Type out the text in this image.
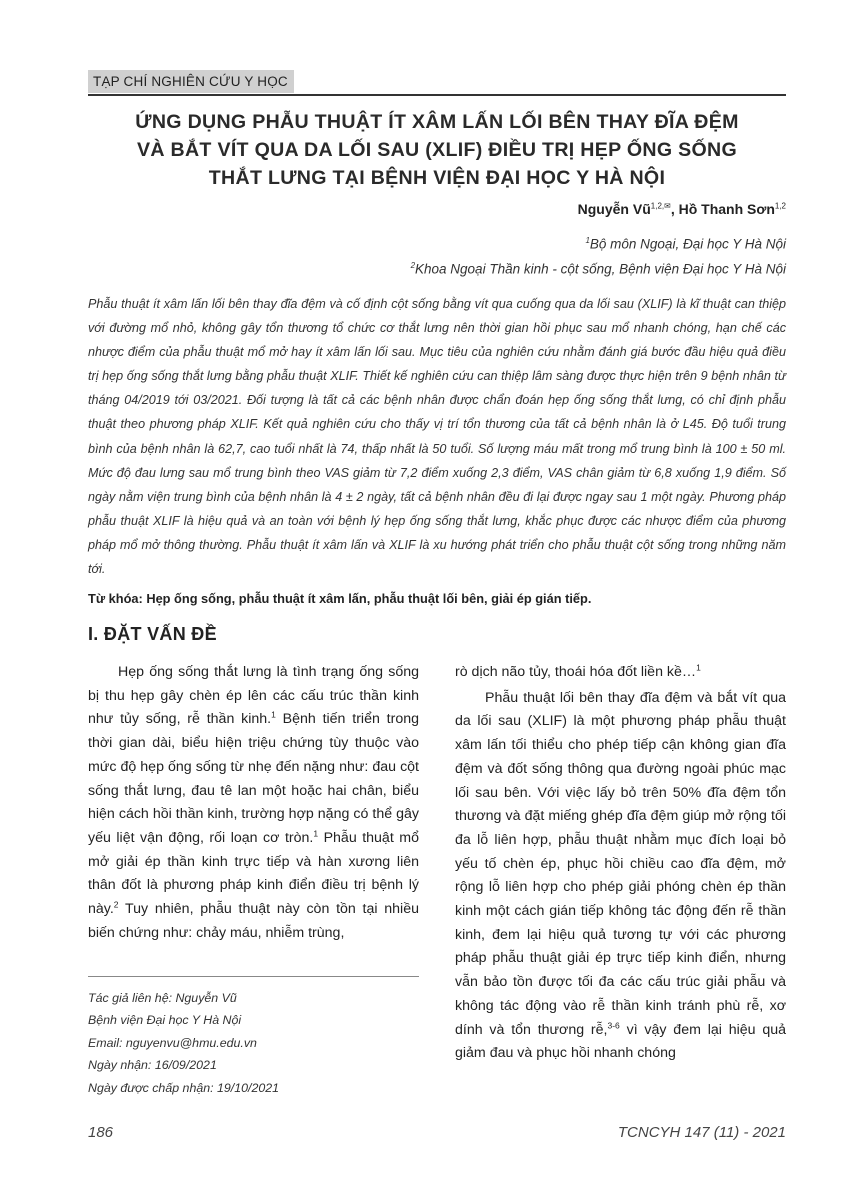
TẠP CHÍ NGHIÊN CỨU Y HỌC
ỨNG DỤNG PHẪU THUẬT ÍT XÂM LẤN LỐI BÊN THAY ĐĨA ĐỆM
VÀ BẮT VÍT QUA DA LỐI SAU (XLIF) ĐIỀU TRỊ HẸP ỐNG SỐNG
THẮT LƯNG TẠI BỆNH VIỆN ĐẠI HỌC Y HÀ NỘI
Nguyễn $Vũ^{1,2,✉}$, Hồ Thanh Sơn$^{1,2}$
$^1$Bộ môn Ngoại, Đại học Y Hà Nội
$^2$Khoa Ngoại Thần kinh - cột sống, Bệnh viện Đại học Y Hà Nội
Phẫu thuật ít xâm lấn lối bên thay đĩa đệm và cố định cột sống bằng vít qua cuống qua da lối sau (XLIF) là kĩ thuật can thiệp với đường mổ nhỏ, không gây tổn thương tổ chức cơ thắt lưng nên thời gian hồi phục sau mổ nhanh chóng, hạn chế các nhược điểm của phẫu thuật mổ mở hay ít xâm lấn lối sau. Mục tiêu của nghiên cứu nhằm đánh giá bước đầu hiệu quả điều trị hẹp ống sống thắt lưng bằng phẫu thuật XLIF. Thiết kế nghiên cứu can thiệp lâm sàng được thực hiện trên 9 bệnh nhân từ tháng 04/2019 tới 03/2021. Đối tượng là tất cả các bệnh nhân được chẩn đoán hẹp ống sống thắt lưng, có chỉ định phẫu thuật theo phương pháp XLIF. Kết quả nghiên cứu cho thấy vị trí tổn thương của tất cả bệnh nhân là ở L45. Độ tuổi trung bình của bệnh nhân là 62,7, cao tuổi nhất là 74, thấp nhất là 50 tuổi. Số lượng máu mất trong mổ trung bình là 100 ± 50 ml. Mức độ đau lưng sau mổ trung bình theo VAS giảm từ 7,2 điểm xuống 2,3 điểm, VAS chân giảm từ 6,8 xuống 1,9 điểm. Số ngày nằm viện trung bình của bệnh nhân là 4 ± 2 ngày, tất cả bệnh nhân đều đi lại được ngay sau 1 một ngày. Phương pháp phẫu thuật XLIF là hiệu quả và an toàn với bệnh lý hẹp ống sống thắt lưng, khắc phục được các nhược điểm của phương pháp mổ mở thông thường. Phẫu thuật ít xâm lấn và XLIF là xu hướng phát triển cho phẫu thuật cột sống trong những năm tới.
Từ khóa: Hẹp ống sống, phẫu thuật ít xâm lấn, phẫu thuật lối bên, giải ép gián tiếp.
I. ĐẶT VẤN ĐỀ

Hẹp ống sống thắt lưng là tình trạng ống sống bị thu hẹp gây chèn ép lên các cấu trúc thần kinh như tủy sống, rễ thần kinh.$^1$ Bệnh tiến triển trong thời gian dài, biểu hiện triệu chứng tùy thuộc vào mức độ hẹp ống sống từ nhẹ đến nặng như: đau cột sống thắt lưng, đau tê lan một hoặc hai chân, biểu hiện cách hồi thần kinh, trường hợp nặng có thể gây yếu liệt vận động, rối loạn cơ tròn.$^1$ Phẫu thuật mổ mở giải ép thần kinh trực tiếp và hàn xương liên thân đốt là phương pháp kinh điển điều trị bệnh lý này.$^2$ Tuy nhiên, phẫu thuật này còn tồn tại nhiều biến chứng như: chảy máu, nhiễm trùng,

rò dịch não tủy, thoái hóa đốt liền kề…$^1$

Phẫu thuật lối bên thay đĩa đệm và bắt vít qua da lối sau (XLIF) là một phương pháp phẫu thuật xâm lấn tối thiểu cho phép tiếp cận không gian đĩa đệm và đốt sống thông qua đường ngoài phúc mạc lối sau bên. Với việc lấy bỏ trên 50% đĩa đệm tổn thương và đặt miếng ghép đĩa đệm giúp mở rộng tối đa lỗ liên hợp, phẫu thuật nhằm mục đích loại bỏ yếu tố chèn ép, phục hồi chiều cao đĩa đệm, mở rộng lỗ liên hợp cho phép giải phóng chèn ép thần kinh một cách gián tiếp không tác động đến rễ thần kinh, đem lại hiệu quả tương tự với các phương pháp phẫu thuật giải ép trực tiếp kinh điển, nhưng vẫn bảo tồn được tối đa các cấu trúc giải phẫu và không tác động vào rễ thần kinh tránh phù rễ, xơ dính và tổn thương rễ,$^{3-6}$ vì vậy đem lại hiệu quả giảm đau và phục hồi nhanh chóng

Tác giả liên hệ: Nguyễn Vũ
Bệnh viện Đại học Y Hà Nội
Email: nguyenvu@hmu.edu.vn
Ngày nhận: 16/09/2021
Ngày được chấp nhận: 19/10/2021
186	TCNCYH 147 (11) - 2021
